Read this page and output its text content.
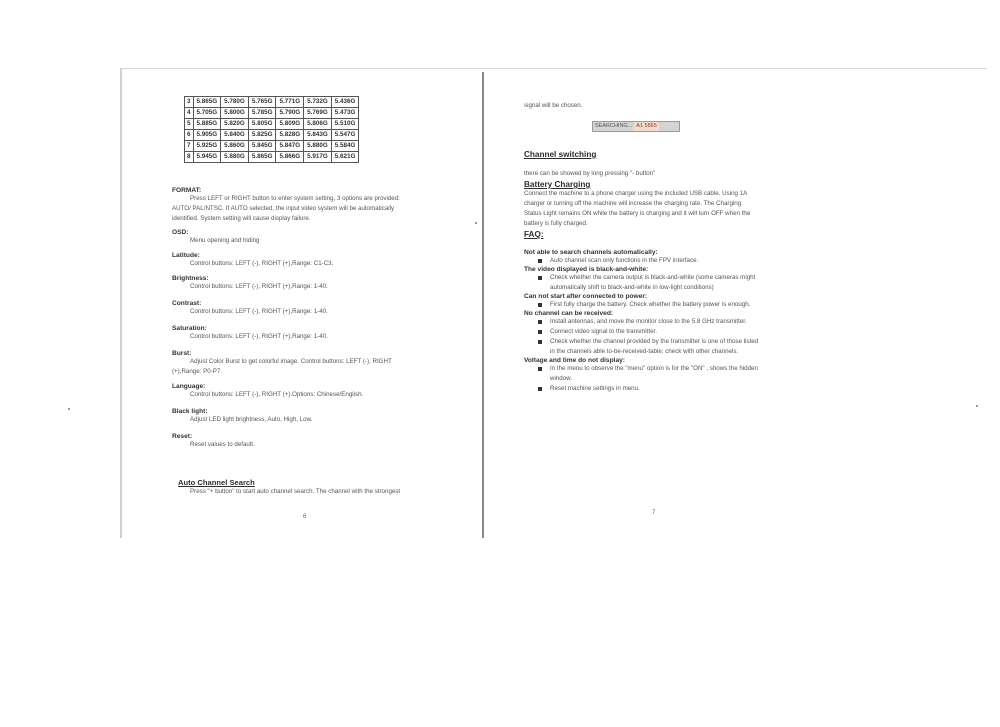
3	5.865G	5.780G	5.765G	5.771G	5.732G	5.436G
4	5.705G	5.800G	5.785G	5.790G	5.769G	5.473G
5	5.885G	5.820G	5.805G	5.809G	5.806G	5.510G
6	5.905G	5.840G	5.825G	5.828G	5.843G	5.547G
7	5.925G	5.860G	5.845G	5.847G	5.880G	5.584G
8	5.945G	5.880G	5.865G	5.866G	5.917G	5.621G
FORMAT:
Press LEFT or RIGHT button to enter system setting, 3 options are provided:
AUTO/ PAL/NTSC. If AUTO selected, the input video system will be automatically
identified. System setting will cause display failure.
OSD:
Menu opening and hiding
Latitude:
Control buttons: LEFT (-), RIGHT (+),Range: C1-C3.
Brightness:
Control buttons: LEFT (-), RIGHT (+),Range: 1-40.
Contrast:
Control buttons: LEFT (-), RIGHT (+),Range: 1-40.
Saturation:
Control buttons: LEFT (-), RIGHT (+),Range: 1-40.
Burst:
Adjust Color Burst to get colorful image. Control buttons: LEFT (-), RIGHT
(+),Range: P0-P7.
Language:
Control buttons: LEFT (-), RIGHT (+).Options: Chinese/English.
Black light:
Adjust LED light brightness, Auto, High, Low.
Reset:
Reset values to default.
Auto Channel Search
Press "+ button" to start auto channel search. The channel with the strongest
6
signal will be chosen.
SEARCHING... A1 5865
Channel switching
there can be showed by long pressing "- button"
Battery Charging
Connect the machine to a phone charger using the included USB cable. Using 1A
charger or turning off the machine will increase the charging rate. The Charging
Status Light remains ON while the battery is charging and it will turn OFF when the
battery is fully charged.
FAQ:
Not able to search channels automatically:
Auto channel scan only functions in the FPV interface.
The video displayed is black-and-white:
Check whether the camera output is black-and-white (some cameras might
automatically shift to black-and-white in low-light conditions)
Can not start after connected to power:
First fully charge the battery. Check whether the battery power is enough.
No channel can be received:
Install antennas, and move the monitor close to the 5.8 GHz transmitter.
Connect video signal to the transmitter.
Check whether the channel provided by the transmitter is one of those listed
in the channels able to-be-received-table; check with other channels.
Voltage and time do not display:
In the menu to observe the "menu" option is for the "ON" , shows the hidden
window.
Reset machine settings in menu.
7
